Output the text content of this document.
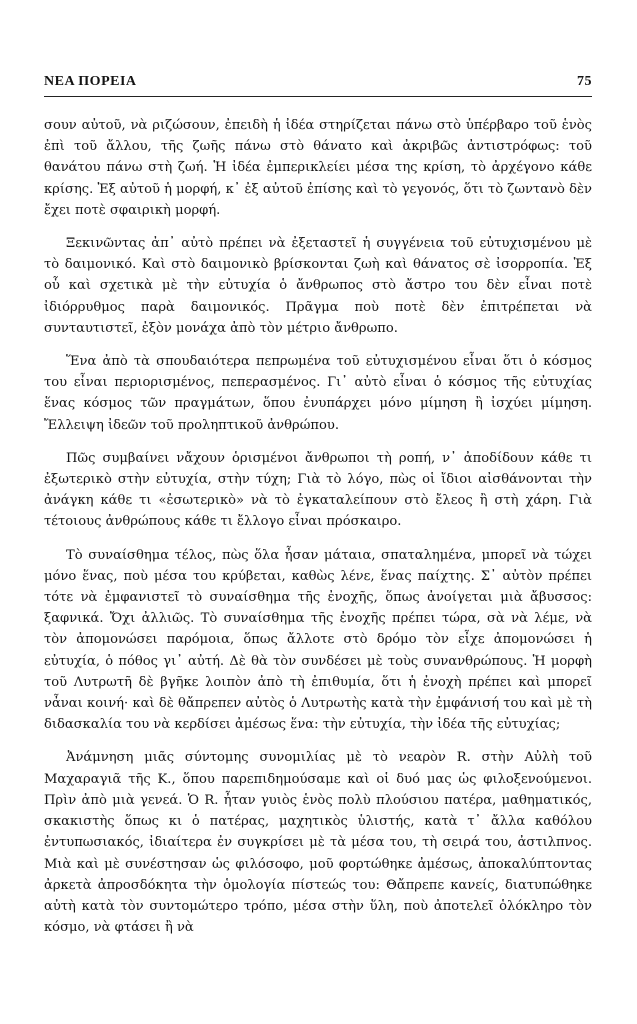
ΝΕΑ ΠΟΡΕΙΑ	75

σουν αὐτοῦ, νὰ ριζώσουν, ἐπειδὴ ἡ ἰδέα στηρίζεται πάνω στὸ ὑπέρβαρο τοῦ ἑνὸς ἐπὶ τοῦ ἄλλου, τῆς ζωῆς πάνω στὸ θάνατο καὶ ἀκριβῶς ἀντιστρόφως: τοῦ θανάτου πάνω στὴ ζωή. Ἡ ἰδέα ἐμπερικλείει μέσα της κρίση, τὸ ἀρχέγονο κάθε κρίσης. Ἐξ αὐτοῦ ἡ μορφή, κ᾽ ἐξ αὐτοῦ ἐπίσης καὶ τὸ γεγονός, ὅτι τὸ ζωντανὸ δὲν ἔχει ποτὲ σφαιρικὴ μορφή.

Ξεκινῶντας ἀπ᾽ αὐτὸ πρέπει νὰ ἐξεταστεῖ ἡ συγγένεια τοῦ εὐτυχισμένου μὲ τὸ δαιμονικό. Καὶ στὸ δαιμονικὸ βρίσκονται ζωὴ καὶ θάνατος σὲ ἰσορροπία. Ἐξ οὗ καὶ σχετικὰ μὲ τὴν εὐτυχία ὁ ἄνθρωπος στὸ ἄστρο του δὲν εἶναι ποτὲ ἰδιόρρυθμος παρὰ δαιμονικός. Πρᾶγμα ποὺ ποτὲ δὲν ἐπιτρέπεται νὰ συνταυτιστεῖ, ἐξὸν μονάχα ἀπὸ τὸν μέτριο ἄνθρωπο.

Ἕνα ἀπὸ τὰ σπουδαιότερα πεπρωμένα τοῦ εὐτυχισμένου εἶναι ὅτι ὁ κόσμος του εἶναι περιορισμένος, πεπερασμένος. Γι᾽ αὐτὸ εἶναι ὁ κόσμος τῆς εὐτυχίας ἕνας κόσμος τῶν πραγμάτων, ὅπου ἐνυπάρχει μόνο μίμηση ἢ ἰσχύει μίμηση. Ἔλλειψη ἰδεῶν τοῦ προληπτικοῦ ἀνθρώπου.

Πῶς συμβαίνει νἄχουν ὁρισμένοι ἄνθρωποι τὴ ροπή, ν᾽ ἀποδίδουν κάθε τι ἐξωτερικὸ στὴν εὐτυχία, στὴν τύχη; Γιὰ τὸ λόγο, πὼς οἱ ἴδιοι αἰσθάνονται τὴν ἀνάγκη κάθε τι «ἐσωτερικὸ» νὰ τὸ ἐγκαταλείπουν στὸ ἔλεος ἢ στὴ χάρη. Γιὰ τέτοιους ἀνθρώπους κάθε τι ἔλλογο εἶναι πρόσκαιρο.

Τὸ συναίσθημα τέλος, πὼς ὅλα ἦσαν μάταια, σπαταλημένα, μπορεῖ νὰ τώχει μόνο ἕνας, ποὺ μέσα του κρύβεται, καθὼς λένε, ἕνας παίχτης. Σ᾽ αὐτὸν πρέπει τότε νὰ ἐμφανιστεῖ τὸ συναίσθημα τῆς ἐνοχῆς, ὅπως ἀνοίγεται μιὰ ἄβυσσος: ξαφνικά. Ὄχι ἀλλιῶς. Τὸ συναίσθημα τῆς ἐνοχῆς πρέπει τώρα, σὰ νὰ λέμε, νὰ τὸν ἀπομονώσει παρόμοια, ὅπως ἄλλοτε στὸ δρόμο τὸν εἶχε ἀπομονώσει ἡ εὐτυχία, ὁ πόθος γι᾽ αὐτή. Δὲ θὰ τὸν συνδέσει μὲ τοὺς συνανθρώπους. Ἡ μορφὴ τοῦ Λυτρωτῆ δὲ βγῆκε λοιπὸν ἀπὸ τὴ ἐπιθυμία, ὅτι ἡ ἐνοχὴ πρέπει καὶ μπορεῖ νἆναι κοινή· καὶ δὲ θἄπρεπεν αὐτὸς ὁ Λυτρωτὴς κατὰ τὴν ἐμφάνισή του καὶ μὲ τὴ διδασκαλία του νὰ κερδίσει ἀμέσως ἕνα: τὴν εὐτυχία, τὴν ἰδέα τῆς εὐτυχίας;

Ἀνάμνηση μιᾶς σύντομης συνομιλίας μὲ τὸ νεαρὸν R. στὴν Αὐλὴ τοῦ Μαχαραγιᾶ τῆς Κ., ὅπου παρεπιδημούσαμε καὶ οἱ δυό μας ὡς φιλοξενούμενοι. Πρὶν ἀπὸ μιὰ γενεά. Ὁ R. ἦταν γυιὸς ἑνὸς πολὺ πλούσιου πατέρα, μαθηματικός, σκακιστὴς ὅπως κι ὁ πατέρας, μαχητικὸς ὑλιστής, κατὰ τ᾽ ἄλλα καθόλου ἐντυπωσιακός, ἰδιαίτερα ἐν συγκρίσει μὲ τὰ μέσα του, τὴ σειρά του, ἀστιλπνος. Μιὰ καὶ μὲ συνέστησαν ὡς φιλόσοφο, μοῦ φορτώθηκε ἀμέσως, ἀποκαλύπτοντας ἀρκετὰ ἀπροσδόκητα τὴν ὁμολογία πίστεώς του: Θἄπρεπε κανείς, διατυπώθηκε αὐτὴ κατὰ τὸν συντομώτερο τρόπο, μέσα στὴν ὕλη, ποὺ ἀποτελεῖ ὁλόκληρο τὸν κόσμο, νὰ φτάσει ἢ νὰ
